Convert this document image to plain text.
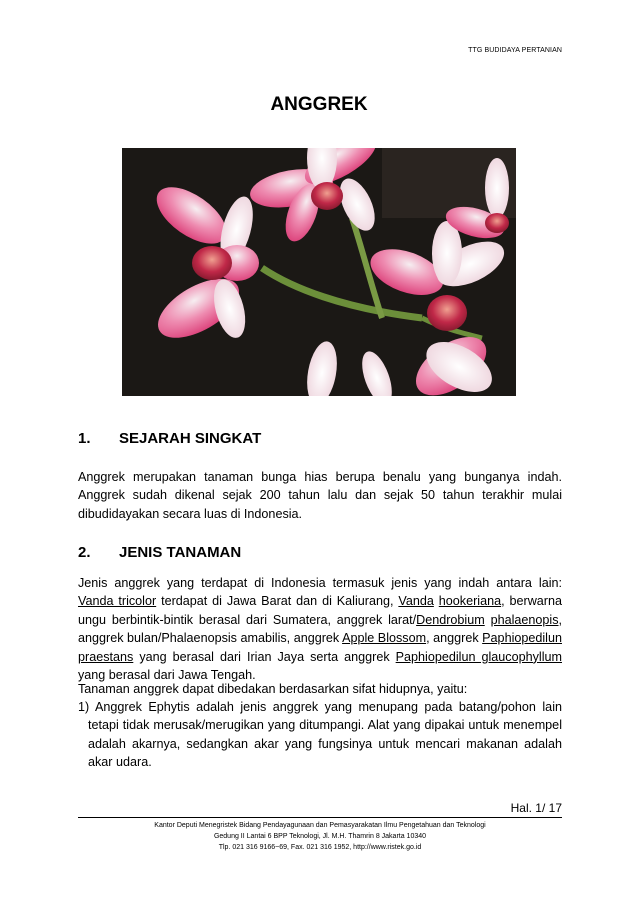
TTG BUDIDAYA PERTANIAN
ANGGREK
1. SEJARAH SINGKAT
Anggrek merupakan tanaman bunga hias berupa benalu yang bunganya indah. Anggrek sudah dikenal sejak 200 tahun lalu dan sejak 50 tahun terakhir mulai dibudidayakan secara luas di Indonesia.
2. JENIS TANAMAN
Jenis anggrek yang terdapat di Indonesia termasuk jenis yang indah antara lain: Vanda tricolor terdapat di Jawa Barat dan di Kaliurang, Vanda hookeriana, berwarna ungu berbintik-bintik berasal dari Sumatera, anggrek larat/Dendrobium phalaenopis, anggrek bulan/Phalaenopsis amabilis, anggrek Apple Blossom, anggrek Paphiopedilun praestans yang berasal dari Irian Jaya serta anggrek Paphiopedilun glaucophyllum yang berasal dari Jawa Tengah.
Tanaman anggrek dapat dibedakan berdasarkan sifat hidupnya, yaitu:
1) Anggrek Ephytis adalah jenis anggrek yang menupang pada batang/pohon lain tetapi tidak merusak/merugikan yang ditumpangi. Alat yang dipakai untuk menempel adalah akarnya, sedangkan akar yang fungsinya untuk mencari makanan adalah akar udara.
Hal. 1/ 17
Kantor Deputi Menegristek Bidang Pendayagunaan dan Pemasyarakatan Ilmu Pengetahuan dan Teknologi
Gedung II Lantai 6 BPP Teknologi, Jl. M.H. Thamrin 8 Jakarta 10340
Tlp. 021 316 9166~69, Fax. 021 316 1952, http://www.ristek.go.id
